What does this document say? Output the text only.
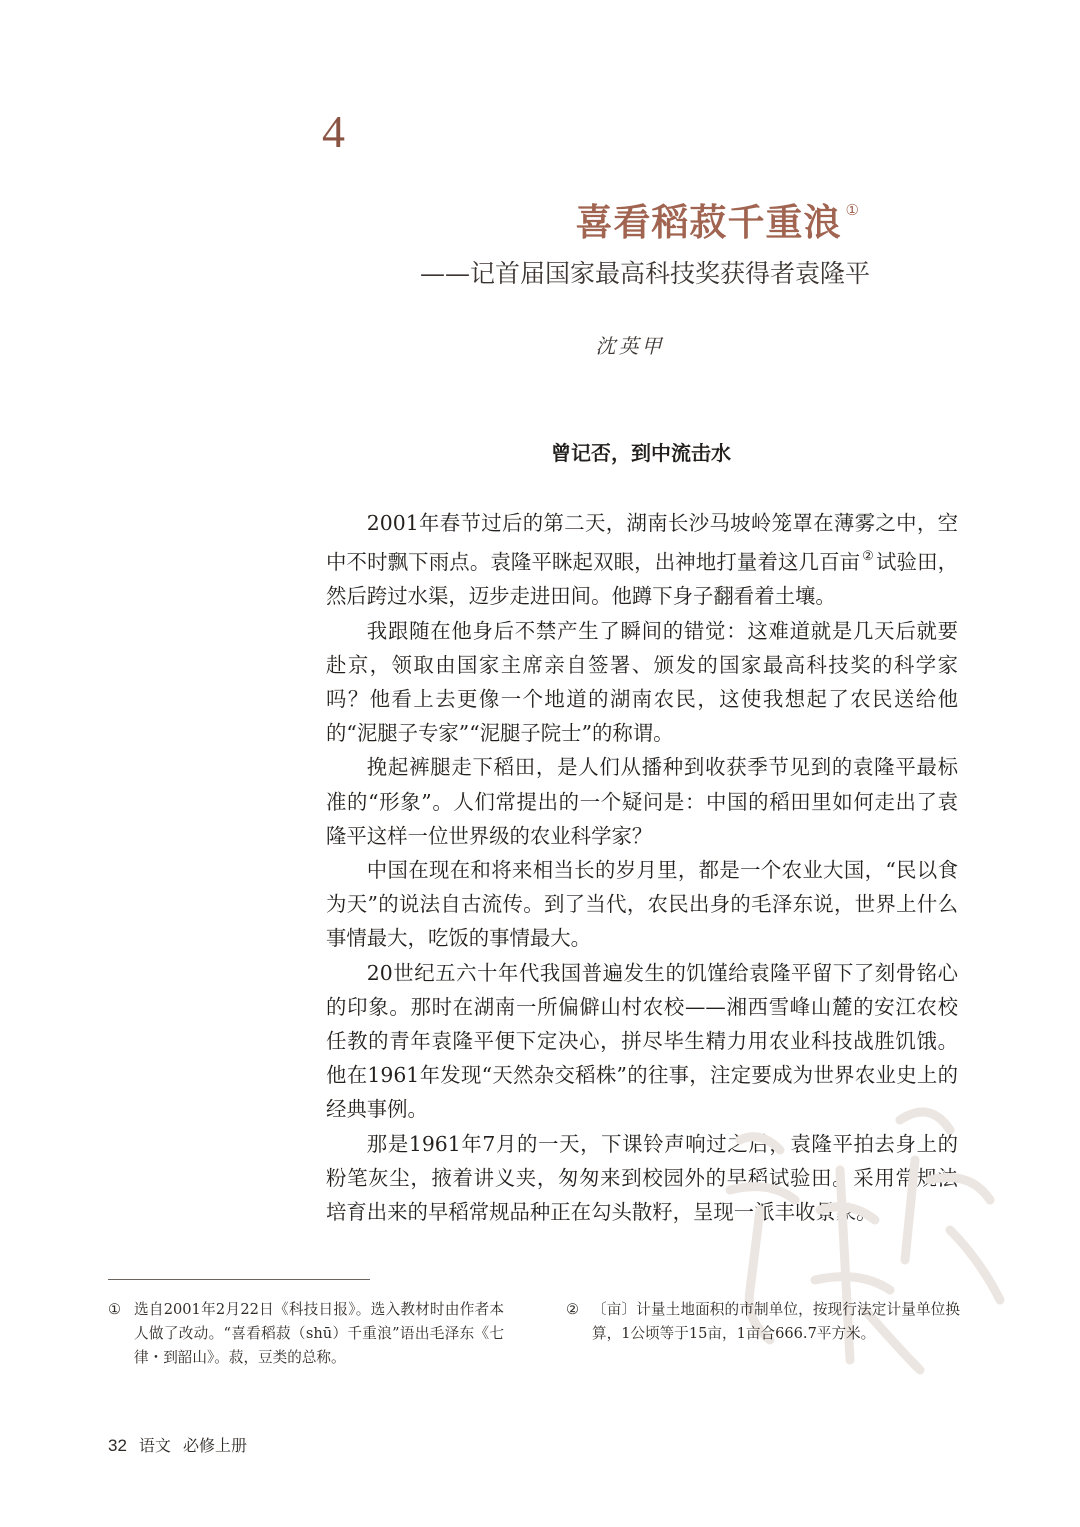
4
喜看稻菽千重浪 ①
——记首届国家最高科技奖获得者袁隆平
沈英甲
曾记否，到中流击水

2001年春节过后的第二天，湖南长沙马坡岭笼罩在薄雾之中，空中不时飘下雨点。袁隆平眯起双眼，出神地打量着这几百亩 ②试验田，然后跨过水渠，迈步走进田间。他蹲下身子翻看着土壤。

我跟随在他身后不禁产生了瞬间的错觉：这难道就是几天后就要赴京，领取由国家主席亲自签署、颁发的国家最高科技奖的科学家吗？他看上去更像一个地道的湖南农民，这使我想起了农民送给他的“泥腿子专家”“泥腿子院士”的称谓。

挽起裤腿走下稻田，是人们从播种到收获季节见到的袁隆平最标准的“形象”。人们常提出的一个疑问是：中国的稻田里如何走出了袁隆平这样一位世界级的农业科学家？

中国在现在和将来相当长的岁月里，都是一个农业大国，“民以食为天”的说法自古流传。到了当代，农民出身的毛泽东说，世界上什么事情最大，吃饭的事情最大。

20世纪五六十年代我国普遍发生的饥馑给袁隆平留下了刻骨铭心的印象。那时在湖南一所偏僻山村农校——湘西雪峰山麓的安江农校任教的青年袁隆平便下定决心，拼尽毕生精力用农业科技战胜饥饿。他在1961年发现“天然杂交稻株”的往事，注定要成为世界农业史上的经典事例。

那是1961年7月的一天，下课铃声响过之后，袁隆平拍去身上的粉笔灰尘，掖着讲义夹，匆匆来到校园外的早稻试验田。采用常规法培育出来的早稻常规品种正在勾头散籽，呈现一派丰收景象。

① 选自2001年2月22日《科技日报》。选入教材时由作者本人做了改动。“喜看稻菽（shū）千重浪”语出毛泽东《七律・到韶山》。菽，豆类的总称。
② 〔亩〕计量土地面积的市制单位，按现行法定计量单位换算，1公顷等于15亩，1亩合666.7平方米。
32 语文 必修上册
